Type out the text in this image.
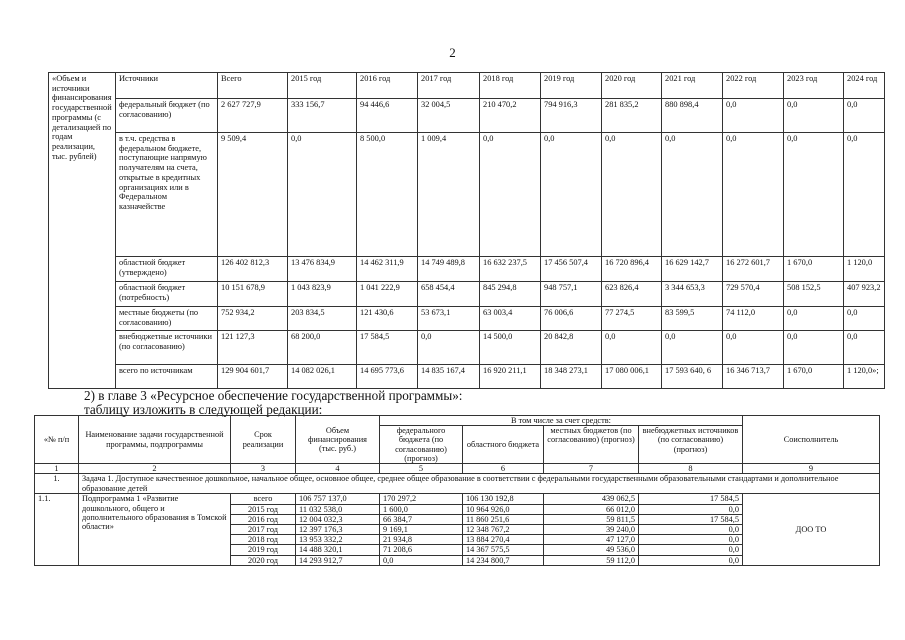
2
«Объем и источники финансирования государственной программы (с детализацией по годам реализации, тыс. рублей)	Источники	Всего	2015 год	2016 год	2017 год	2018 год	2019 год	2020 год	2021 год	2022 год	2023 год	2024 год
	федеральный бюджет (по согласованию)	2 627 727,9	333 156,7	94 446,6	32 004,5	210 470,2	794 916,3	281 835,2	880 898,4	0,0	0,0	0,0
	в т.ч. средства в федеральном бюджете, поступающие напрямую получателям на счета, открытые в кредитных организациях или в Федеральном казначействе	9 509,4	0,0	8 500,0	1 009,4	0,0	0,0	0,0	0,0	0,0	0,0	0,0
	областной бюджет (утверждено)	126 402 812,3	13 476 834,9	14 462 311,9	14 749 489,8	16 632 237,5	17 456 507,4	16 720 896,4	16 629 142,7	16 272 601,7	1 670,0	1 120,0
	областной бюджет (потребность)	10 151 678,9	1 043 823,9	1 041 222,9	658 454,4	845 294,8	948 757,1	623 826,4	3 344 653,3	729 570,4	508 152,5	407 923,2
	местные бюджеты (по согласованию)	752 934,2	203 834,5	121 430,6	53 673,1	63 003,4	76 006,6	77 274,5	83 599,5	74 112,0	0,0	0,0
	внебюджетные источники (по согласованию)	121 127,3	68 200,0	17 584,5	0,0	14 500,0	20 842,8	0,0	0,0	0,0	0,0	0,0
	всего по источникам	129 904 601,7	14 082 026,1	14 695 773,6	14 835 167,4	16 920 211,1	18 348 273,1	17 080 006,1	17 593 640, 6	16 346 713,7	1 670,0	1 120,0»;
2) в главе 3 «Ресурсное обеспечение государственной программы»:
таблицу изложить в следующей редакции:
«№ п/п	Наименование задачи государственной программы, подпрограммы	Срок реализации	Объем финансирования (тыс. руб.)	В том числе за счет средств:				Соисполнитель
				федерального бюджета (по согласованию) (прогноз)	областного бюджета	местных бюджетов (по согласованию) (прогноз)	внебюджетных источников (по согласованию) (прогноз)	
1	2	3	4	5	6	7	8	9
1.	Задача 1. Доступное качественное дошкольное, начальное общее, основное общее, среднее общее образование в соответствии с федеральными государственными образовательными стандартами и дополнительное образование детей							
1.1.	Подпрограмма 1 «Развитие дошкольного, общего и дополнительного образования в Томской области»	всего	106 757 137,0	170 297,2	106 130 192,8	439 062,5	17 584,5	ДОО ТО
		2015 год	11 032 538,0	1 600,0	10 964 926,0	66 012,0	0,0	
		2016 год	12 004 032,3	66 384,7	11 860 251,6	59 811,5	17 584,5	
		2017 год	12 397 176,3	9 169,1	12 348 767,2	39 240,0	0,0	
		2018 год	13 953 332,2	21 934,8	13 884 270,4	47 127,0	0,0	
		2019 год	14 488 320,1	71 208,6	14 367 575,5	49 536,0	0,0	
		2020 год	14 293 912,7	0,0	14 234 800,7	59 112,0	0,0	
